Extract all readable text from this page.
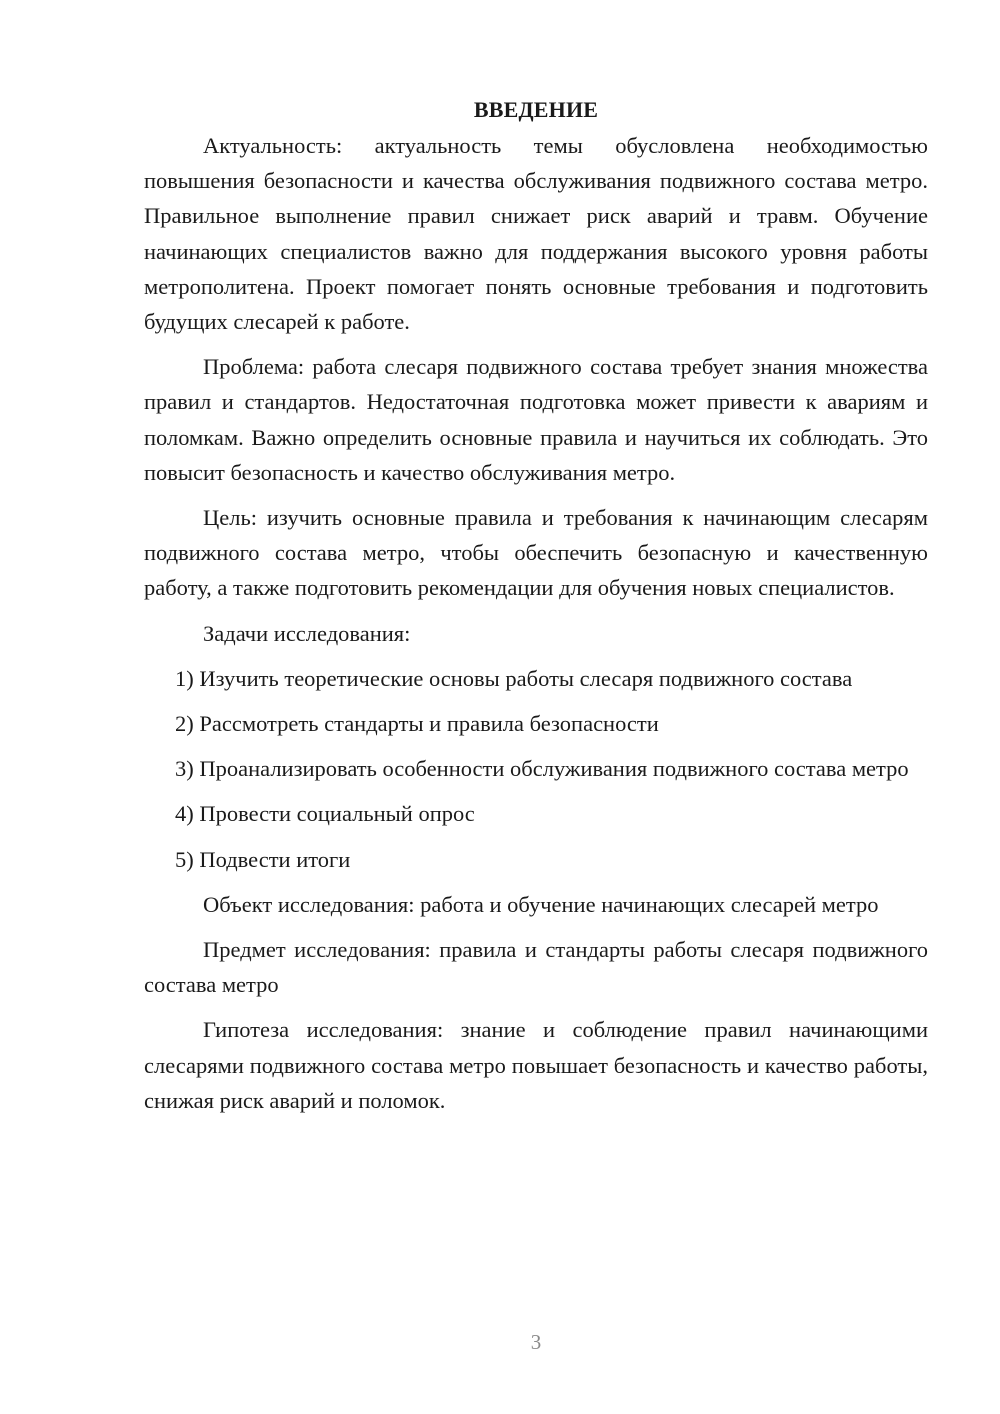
ВВЕДЕНИЕ

Актуальность: актуальность темы обусловлена необходимостью повышения безопасности и качества обслуживания подвижного состава метро. Правильное выполнение правил снижает риск аварий и травм. Обучение начинающих специалистов важно для поддержания высокого уровня работы метрополитена. Проект помогает понять основные требования и подготовить будущих слесарей к работе.

Проблема: работа слесаря подвижного состава требует знания множества правил и стандартов. Недостаточная подготовка может привести к авариям и поломкам. Важно определить основные правила и научиться их соблюдать. Это повысит безопасность и качество обслуживания метро.

Цель: изучить основные правила и требования к начинающим слесарям подвижного состава метро, чтобы обеспечить безопасную и качественную работу, а также подготовить рекомендации для обучения новых специалистов.

Задачи исследования:

1) Изучить теоретические основы работы слесаря подвижного состава

2) Рассмотреть стандарты и правила безопасности

3) Проанализировать особенности обслуживания подвижного состава метро

4) Провести социальный опрос

5) Подвести итоги

Объект исследования: работа и обучение начинающих слесарей метро

Предмет исследования: правила и стандарты работы слесаря подвижного состава метро

Гипотеза исследования: знание и соблюдение правил начинающими слесарями подвижного состава метро повышает безопасность и качество работы, снижая риск аварий и поломок.

3
